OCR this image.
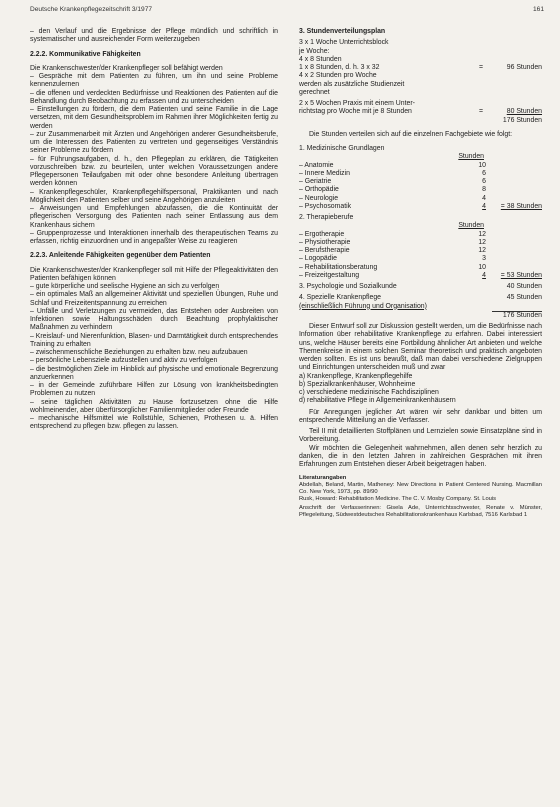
Deutsche Krankenpflegezeitschrift 3/1977	161

– den Verlauf und die Ergebnisse der Pflege mündlich und schriftlich in systematischer und ausreichender Form weiterzugeben

2.2.2. Kommunikative Fähigkeiten

Die Krankenschwester/der Krankenpfleger soll befähigt werden

– Gespräche mit dem Patienten zu führen, um ihn und seine Probleme kennenzulernen

– die offenen und verdeckten Bedürfnisse und Reaktionen des Patienten auf die Behandlung durch Beobachtung zu erfassen und zu unterscheiden

– Einstellungen zu fördern, die dem Patienten und seine Familie in die Lage versetzen, mit dem Gesundheitsproblem im Rahmen ihrer Möglichkeiten fertig zu werden

– zur Zusammenarbeit mit Ärzten und Angehörigen anderer Gesundheitsberufe, um die Interessen des Patienten zu vertreten und gegenseitiges Verständnis seiner Probleme zu fördern

– für Führungsaufgaben, d. h., den Pflegeplan zu erklären, die Tätigkeiten vorzuschreiben bzw. zu beurteilen, unter welchen Voraussetzungen andere Pflegepersonen Teilaufgaben mit oder ohne besondere Anleitung übertragen werden können

– Krankenpflegeschüler, Krankenpflegehilfspersonal, Praktikanten und nach Möglichkeit den Patienten selber und seine Angehörigen anzuleiten

– Anweisungen und Empfehlungen abzufassen, die die Kontinuität der pflegerischen Versorgung des Patienten nach seiner Entlassung aus dem Krankenhaus sichern

– Gruppenprozesse und Interaktionen innerhalb des therapeutischen Teams zu erfassen, richtig einzuordnen und in angepaßter Weise zu reagieren

2.2.3. Anleitende Fähigkeiten gegenüber dem Patienten

Die Krankenschwester/der Krankenpfleger soll mit Hilfe der Pflegeaktivitäten den Patienten befähigen können

– gute körperliche und seelische Hygiene an sich zu verfolgen

– ein optimales Maß an allgemeiner Aktivität und speziellen Übungen, Ruhe und Schlaf und Freizeitentspannung zu erreichen

– Unfälle und Verletzungen zu vermeiden, das Entstehen oder Ausbreiten von Infektionen sowie Haltungsschäden durch Beachtung prophylaktischer Maßnahmen zu verhindern

– Kreislauf- und Nierenfunktion, Blasen- und Darmtätigkeit durch entsprechendes Training zu erhalten

– zwischenmenschliche Beziehungen zu erhalten bzw. neu aufzubauen

– persönliche Lebensziele aufzustellen und aktiv zu verfolgen

– die bestmöglichen Ziele im Hinblick auf physische und emotionale Begrenzung anzuerkennen

– in der Gemeinde zuführbare Hilfen zur Lösung von krankheitsbedingten Problemen zu nutzen

– seine täglichen Aktivitäten zu Hause fortzusetzen ohne die Hilfe wohlmeinender, aber überfürsorglicher Familienmitglieder oder Freunde

– mechanische Hilfsmittel wie Rollstühle, Schienen, Prothesen u. ä. Hilfen entsprechend zu pflegen bzw. pflegen zu lassen.

3. Stundenverteilungsplan

3 x 1 Woche Unterrichtsblock
je Woche:
4 x 8 Stunden
1 x 8 Stunden, d. h. 3 x 32	=	96 Stunden
4 x 2 Stunden pro Woche
werden als zusätzliche Studienzeit
gerechnet
2 x 5 Wochen Praxis mit einem Unter-
richtstag pro Woche mit je 8 Stunden	=	80 Stunden
176 Stunden

Die Stunden verteilen sich auf die einzelnen Fachgebiete wie folgt:

1. Medizinische Grundlagen
Stunden
– Anatomie	10
– Innere Medizin	6
– Geriatrie	6
– Orthopädie	8
– Neurologie	4
– Psychosomatik	4	= 38 Stunden
2. Therapieberufe
Stunden
– Ergotherapie	12
– Physiotherapie	12
– Berufstherapie	12
– Logopädie	3
– Rehabilitationsberatung	10
– Freizeitgestaltung	4	= 53 Stunden
3. Psychologie und Sozialkunde	40 Stunden
4. Spezielle Krankenpflege	45 Stunden
(einschließlich Führung und Organisation)
176 Stunden

Dieser Entwurf soll zur Diskussion gestellt werden, um die Bedürfnisse nach Information über rehabilitative Krankenpflege zu erfahren. Dabei interessiert uns, welche Häuser bereits eine Fortbildung ähnlicher Art anbieten und welche Themenkreise in einem solchen Seminar theoretisch und praktisch angeboten werden sollten. Es ist uns bewußt, daß man dabei verschiedene Zielgruppen und Einrichtungen unterscheiden muß und zwar

a) Krankenpflege, Krankenpflegehilfe
b) Spezialkrankenhäuser, Wohnheime
c) verschiedene medizinische Fachdisziplinen
d) rehabilitative Pflege in Allgemeinkrankenhäusern

Für Anregungen jeglicher Art wären wir sehr dankbar und bitten um entsprechende Mitteilung an die Verfasser.

Teil II mit detaillierten Stoffplänen und Lernzielen sowie Einsatzpläne sind in Vorbereitung.

Wir möchten die Gelegenheit wahrnehmen, allen denen sehr herzlich zu danken, die in den letzten Jahren in zahlreichen Gesprächen mit ihren Erfahrungen zum Entstehen dieser Arbeit beigetragen haben.

Literaturangaben

Abdellah, Beland, Martin, Matheney: New Directions in Patient Centered Nursing. Macmillan Co. New York, 1973, pp. 89/90

Rusk, Howard: Rehabilitation Medicine. The C. V. Mosby Company. St. Louis

Anschrift der Verfasserinnen: Gisela Ade, Unterrichtsschwester, Renate v. Münster, Pflegeleitung, Südwestdeutsches Rehabilitationskrankenhaus Karlsbad, 7516 Karlsbad 1
